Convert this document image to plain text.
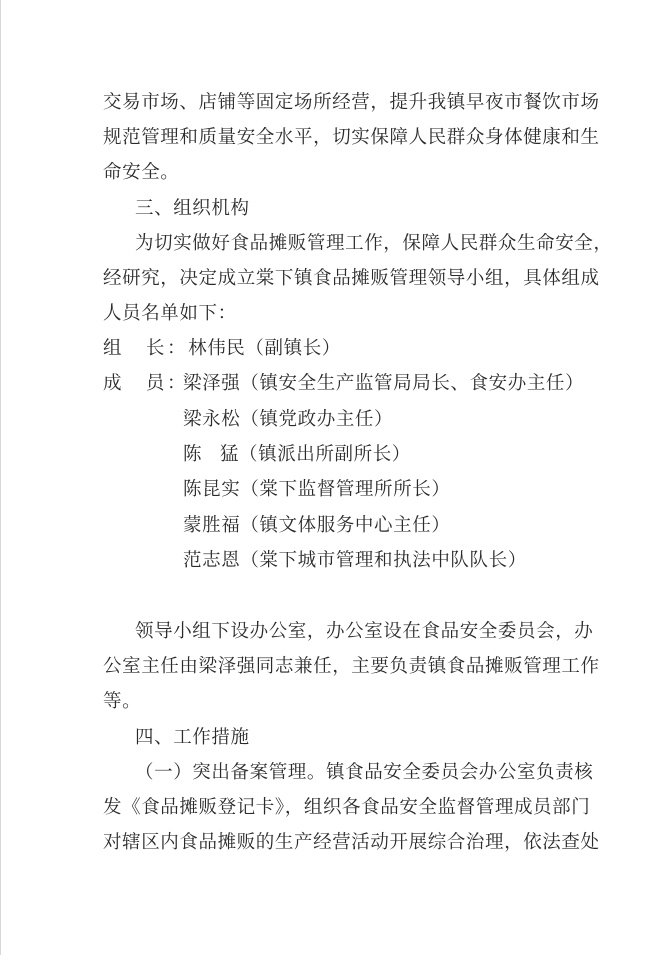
交易市场、店铺等固定场所经营，提升我镇早夜市餐饮市场
规范管理和质量安全水平，切实保障人民群众身体健康和生
命安全。
三、组织机构
为切实做好食品摊贩管理工作，保障人民群众生命安全，
经研究，决定成立棠下镇食品摊贩管理领导小组，具体组成
人员名单如下：
组长 ： 林伟民（副镇长）
成员 ：
梁泽强（镇安全生产监管局局长、食安办主任）
梁永松（镇党政办主任）
陈猛（镇派出所副所长）
陈昆实（棠下监督管理所所长）
蒙胜福（镇文体服务中心主任）
范志恩（棠下城市管理和执法中队队长）
领导小组下设办公室，办公室设在食品安全委员会，办
公室主任由梁泽强同志兼任，主要负责镇食品摊贩管理工作
等。
四、工作措施
（一）突出备案管理。镇食品安全委员会办公室负责核
发《食品摊贩登记卡》，组织各食品安全监督管理成员部门
对辖区内食品摊贩的生产经营活动开展综合治理，依法查处
